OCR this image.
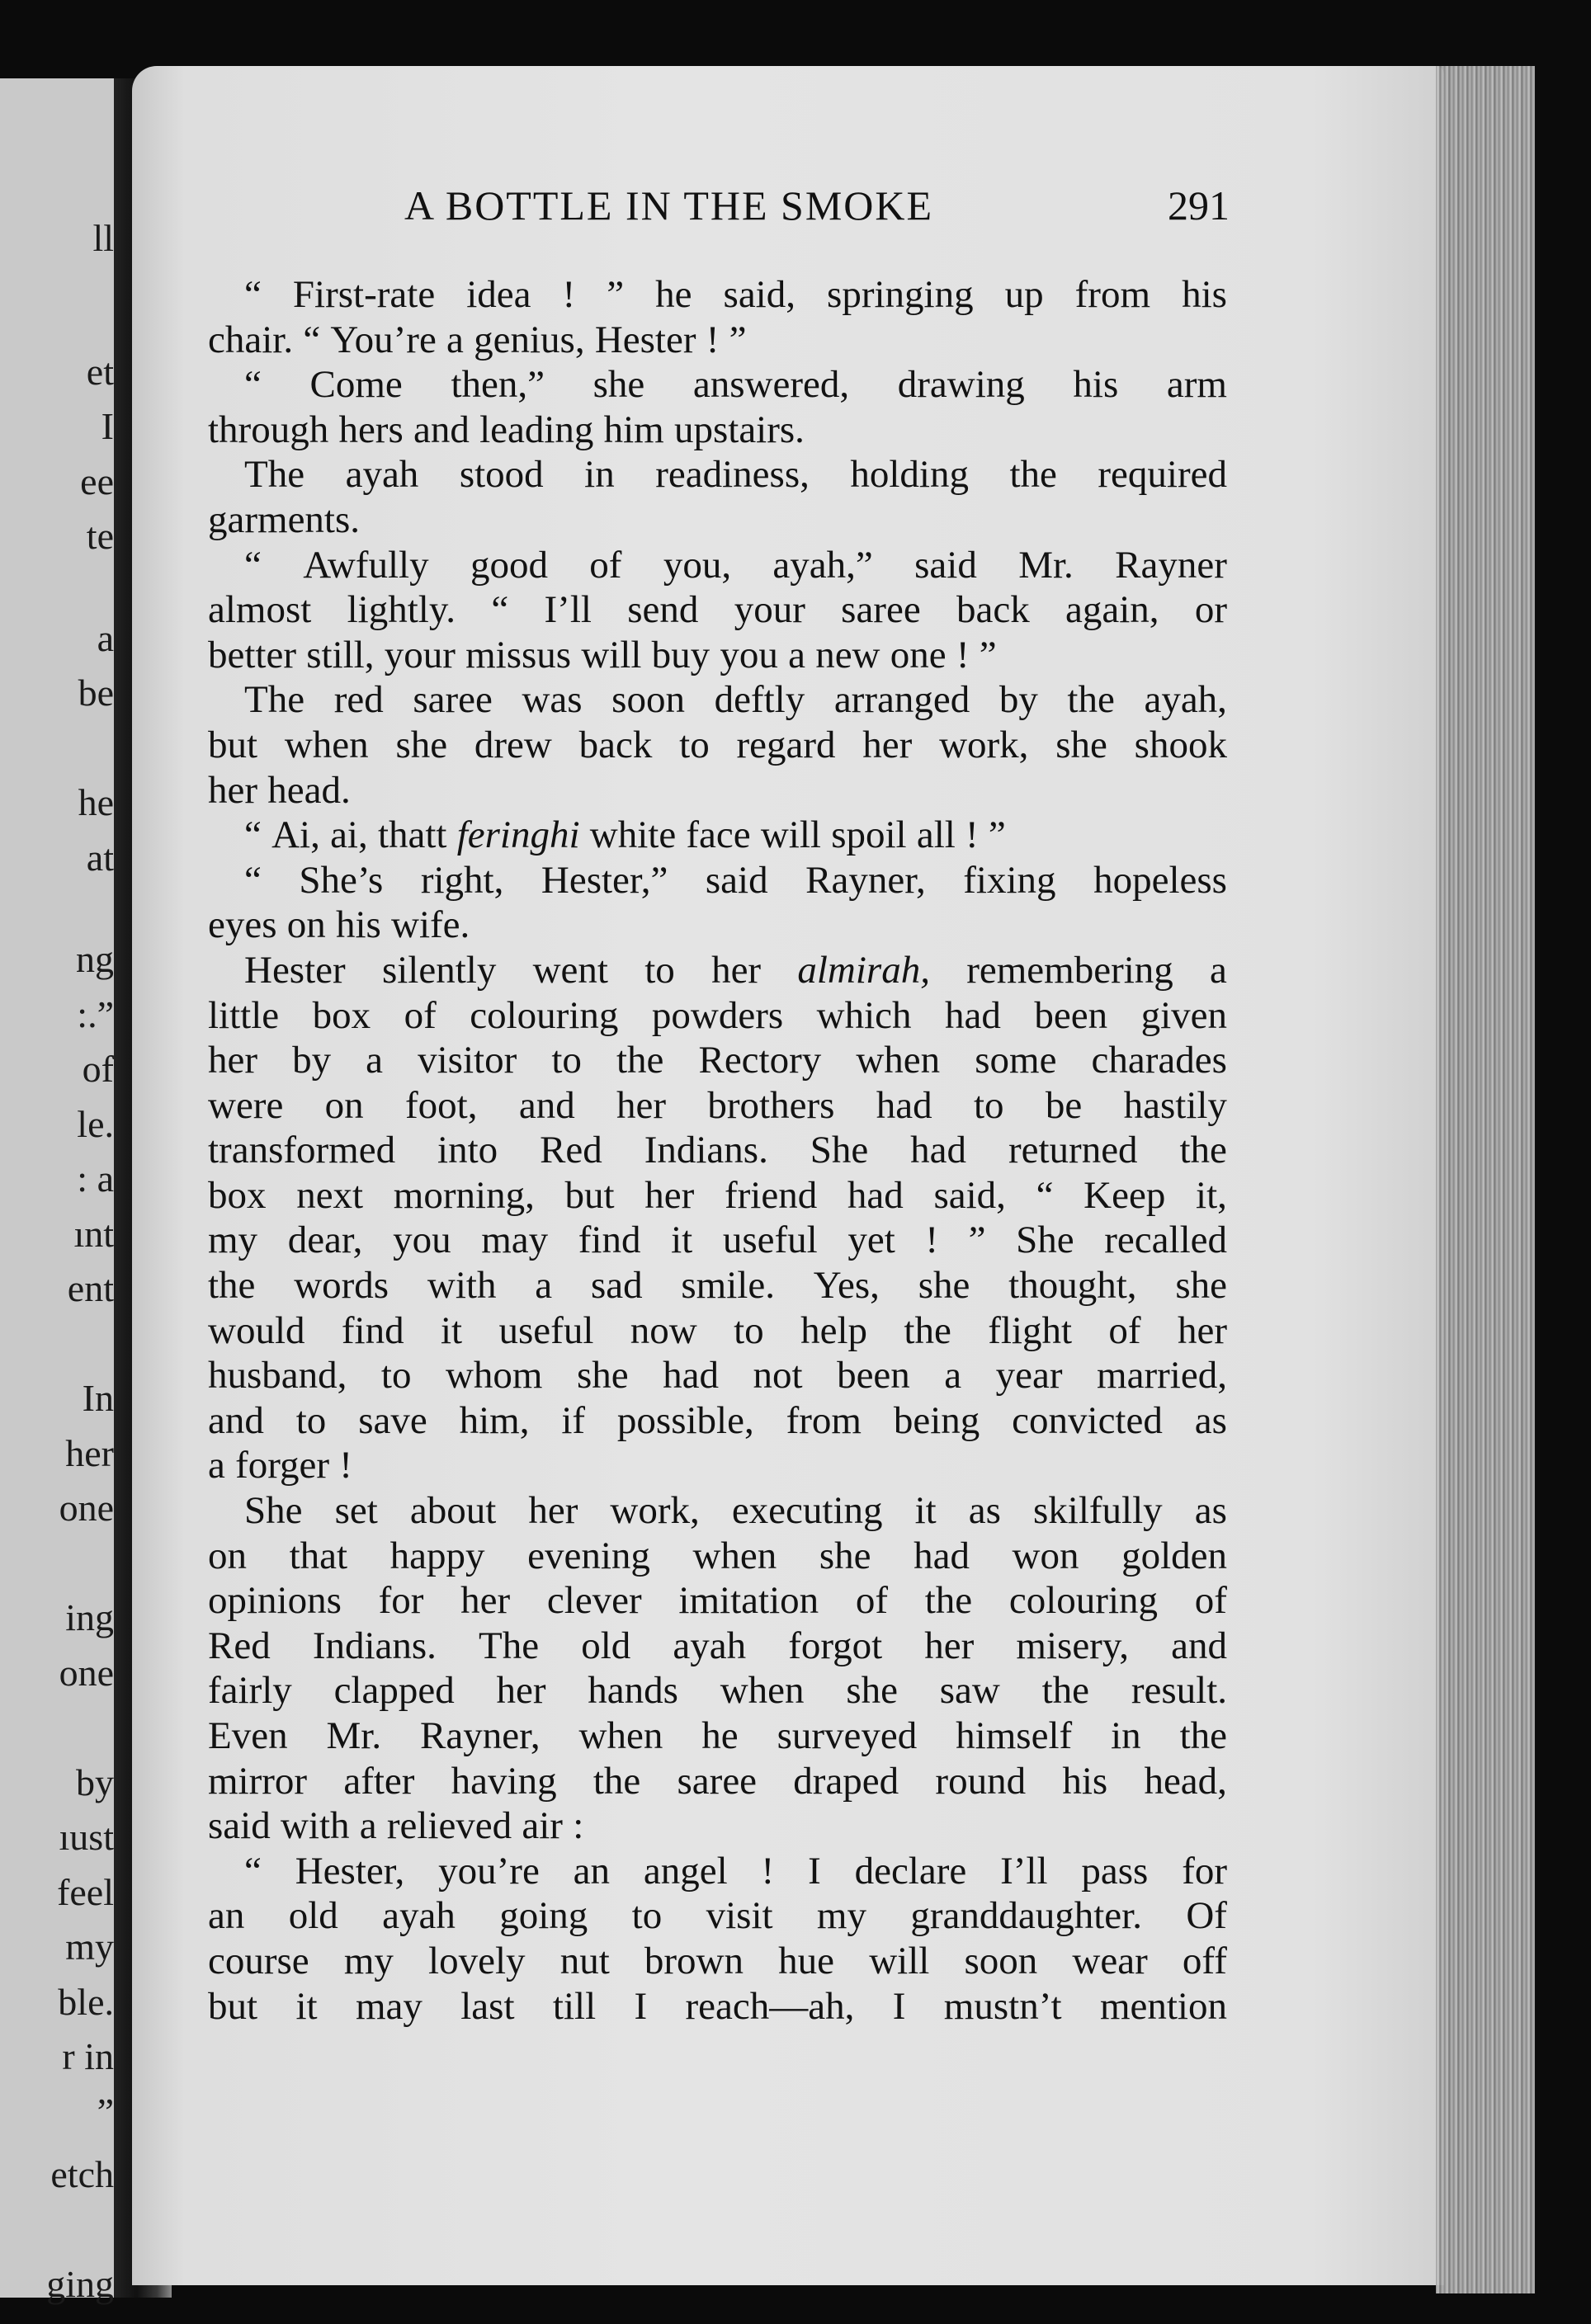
ll
et
I
ee
te
a
be
he
at
ng
:.”
of
le.
: a
ınt
ent
In
her
one
ing
one
by
ıust
feel
my
ble.
r in
”
etch
ging
A BOTTLE IN THE SMOKE	291
“ First-rate idea ! ” he said, springing up from his
chair. “ You’re a genius, Hester ! ”
“ Come then,” she answered, drawing his arm
through hers and leading him upstairs.
The ayah stood in readiness, holding the required
garments.
“ Awfully good of you, ayah,” said Mr. Rayner
almost lightly. “ I’ll send your saree back again, or
better still, your missus will buy you a new one ! ”
The red saree was soon deftly arranged by the ayah,
but when she drew back to regard her work, she shook
her head.
“ Ai, ai, thatt feringhi white face will spoil all ! ”
“ She’s right, Hester,” said Rayner, fixing hopeless
eyes on his wife.
Hester silently went to her almirah, remembering a
little box of colouring powders which had been given
her by a visitor to the Rectory when some charades
were on foot, and her brothers had to be hastily
transformed into Red Indians. She had returned the
box next morning, but her friend had said, “ Keep it,
my dear, you may find it useful yet ! ” She recalled
the words with a sad smile. Yes, she thought, she
would find it useful now to help the flight of her
husband, to whom she had not been a year married,
and to save him, if possible, from being convicted as
a forger !
She set about her work, executing it as skilfully as
on that happy evening when she had won golden
opinions for her clever imitation of the colouring of
Red Indians. The old ayah forgot her misery, and
fairly clapped her hands when she saw the result.
Even Mr. Rayner, when he surveyed himself in the
mirror after having the saree draped round his head,
said with a relieved air :
“ Hester, you’re an angel ! I declare I’ll pass for
an old ayah going to visit my granddaughter. Of
course my lovely nut brown hue will soon wear off
but it may last till I reach—ah, I mustn’t mention
